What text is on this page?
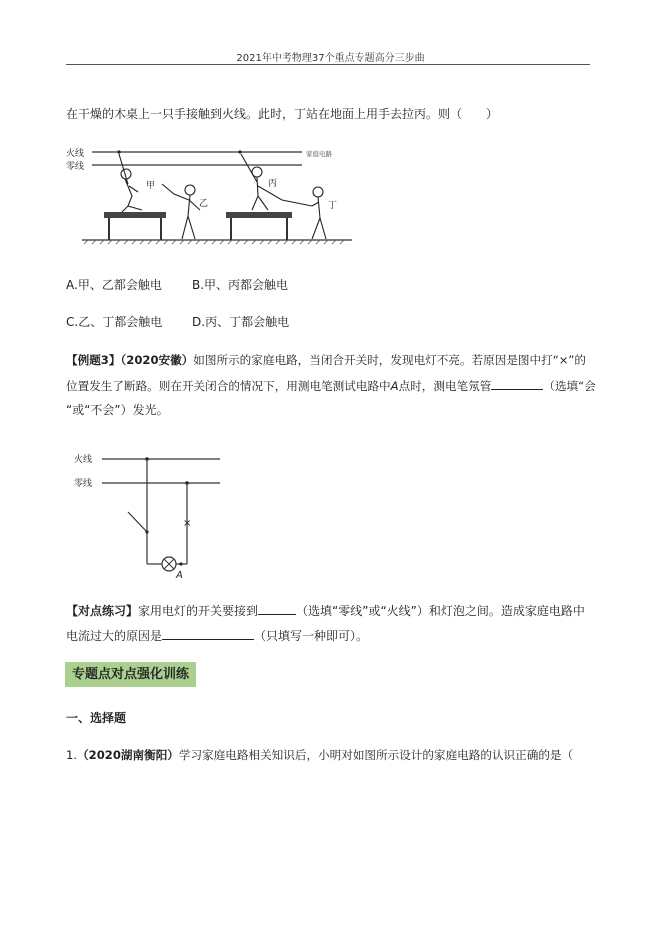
2021年中考物理37个重点专题高分三步曲
在干燥的木桌上一只手接触到火线。此时，丁站在地面上用手去拉丙。则（　　）
火线
零线
家庭电路
甲
乙
丙
丁
A.甲、乙都会触电	B.甲、丙都会触电
C.乙、丁都会触电 D.丙、丁都会触电
【例题3】（2020安徽）如图所示的家庭电路，当闭合开关时，发现电灯不亮。若原因是图中打“×”的
位置发生了断路。则在开关闭合的情况下，用测电笔测试电路中A点时，测电笔氖管	（选填“会
“或“不会”）发光。
火线
零线
×
A
【对点练习】家用电灯的开关要接到	（选填“零线”或“火线”）和灯泡之间。造成家庭电路中
电流过大的原因是	（只填写一种即可）。
专题点对点强化训练
一、选择题
1.（2020湖南衡阳）学习家庭电路相关知识后，小明对如图所示设计的家庭电路的认识正确的是（
